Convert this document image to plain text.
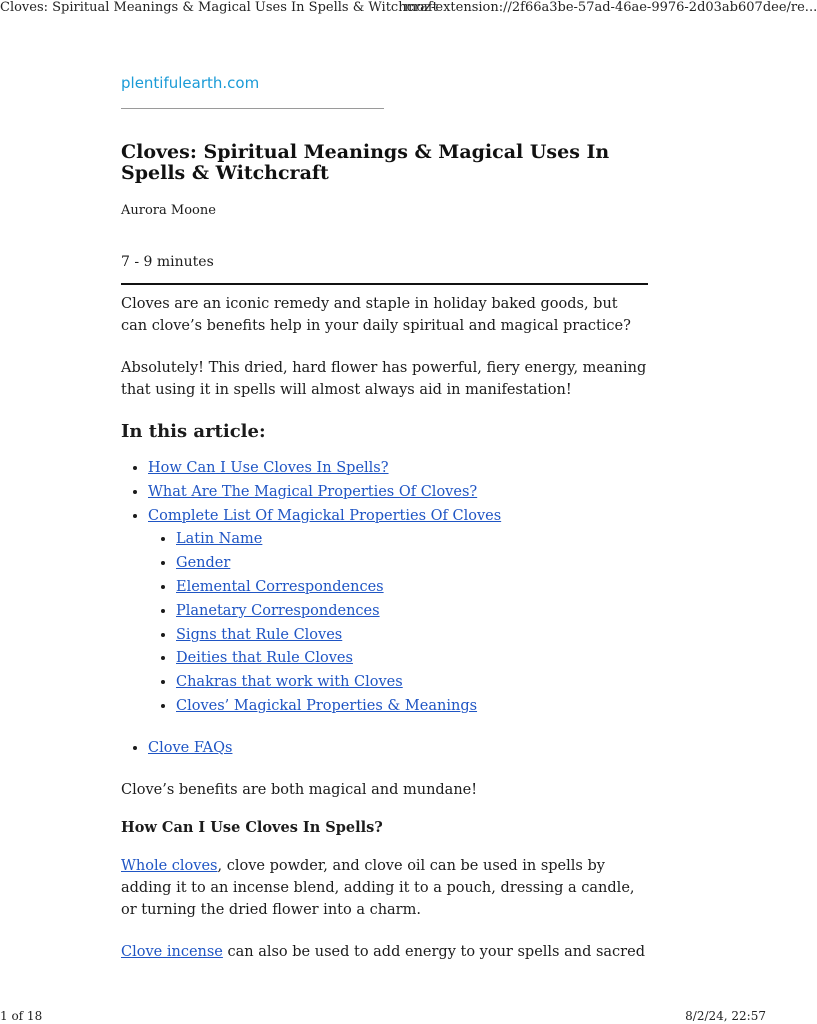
Cloves: Spiritual Meanings & Magical Uses In Spells & Witchcraft
moz-extension://2f66a3be-57ad-46ae-9976-2d03ab607dee/re...
plentifulearth.com
Cloves: Spiritual Meanings & Magical Uses In Spells & Witchcraft
Aurora Moone
7 - 9 minutes

Cloves are an iconic remedy and staple in holiday baked goods, but can clove’s benefits help in your daily spiritual and magical practice?

Absolutely! This dried, hard flower has powerful, fiery energy, meaning that using it in spells will almost always aid in manifestation!

In this article:
• How Can I Use Cloves In Spells?
• What Are The Magical Properties Of Cloves?
• Complete List Of Magickal Properties Of Cloves
• Latin Name
• Gender
• Elemental Correspondences
• Planetary Correspondences
• Signs that Rule Cloves
• Deities that Rule Cloves
• Chakras that work with Cloves
• Cloves’ Magickal Properties & Meanings
• Clove FAQs

Clove’s benefits are both magical and mundane!

How Can I Use Cloves In Spells?

Whole cloves, clove powder, and clove oil can be used in spells by adding it to an incense blend, adding it to a pouch, dressing a candle, or turning the dried flower into a charm.

Clove incense can also be used to add energy to your spells and sacred

1 of 18	8/2/24, 22:57
